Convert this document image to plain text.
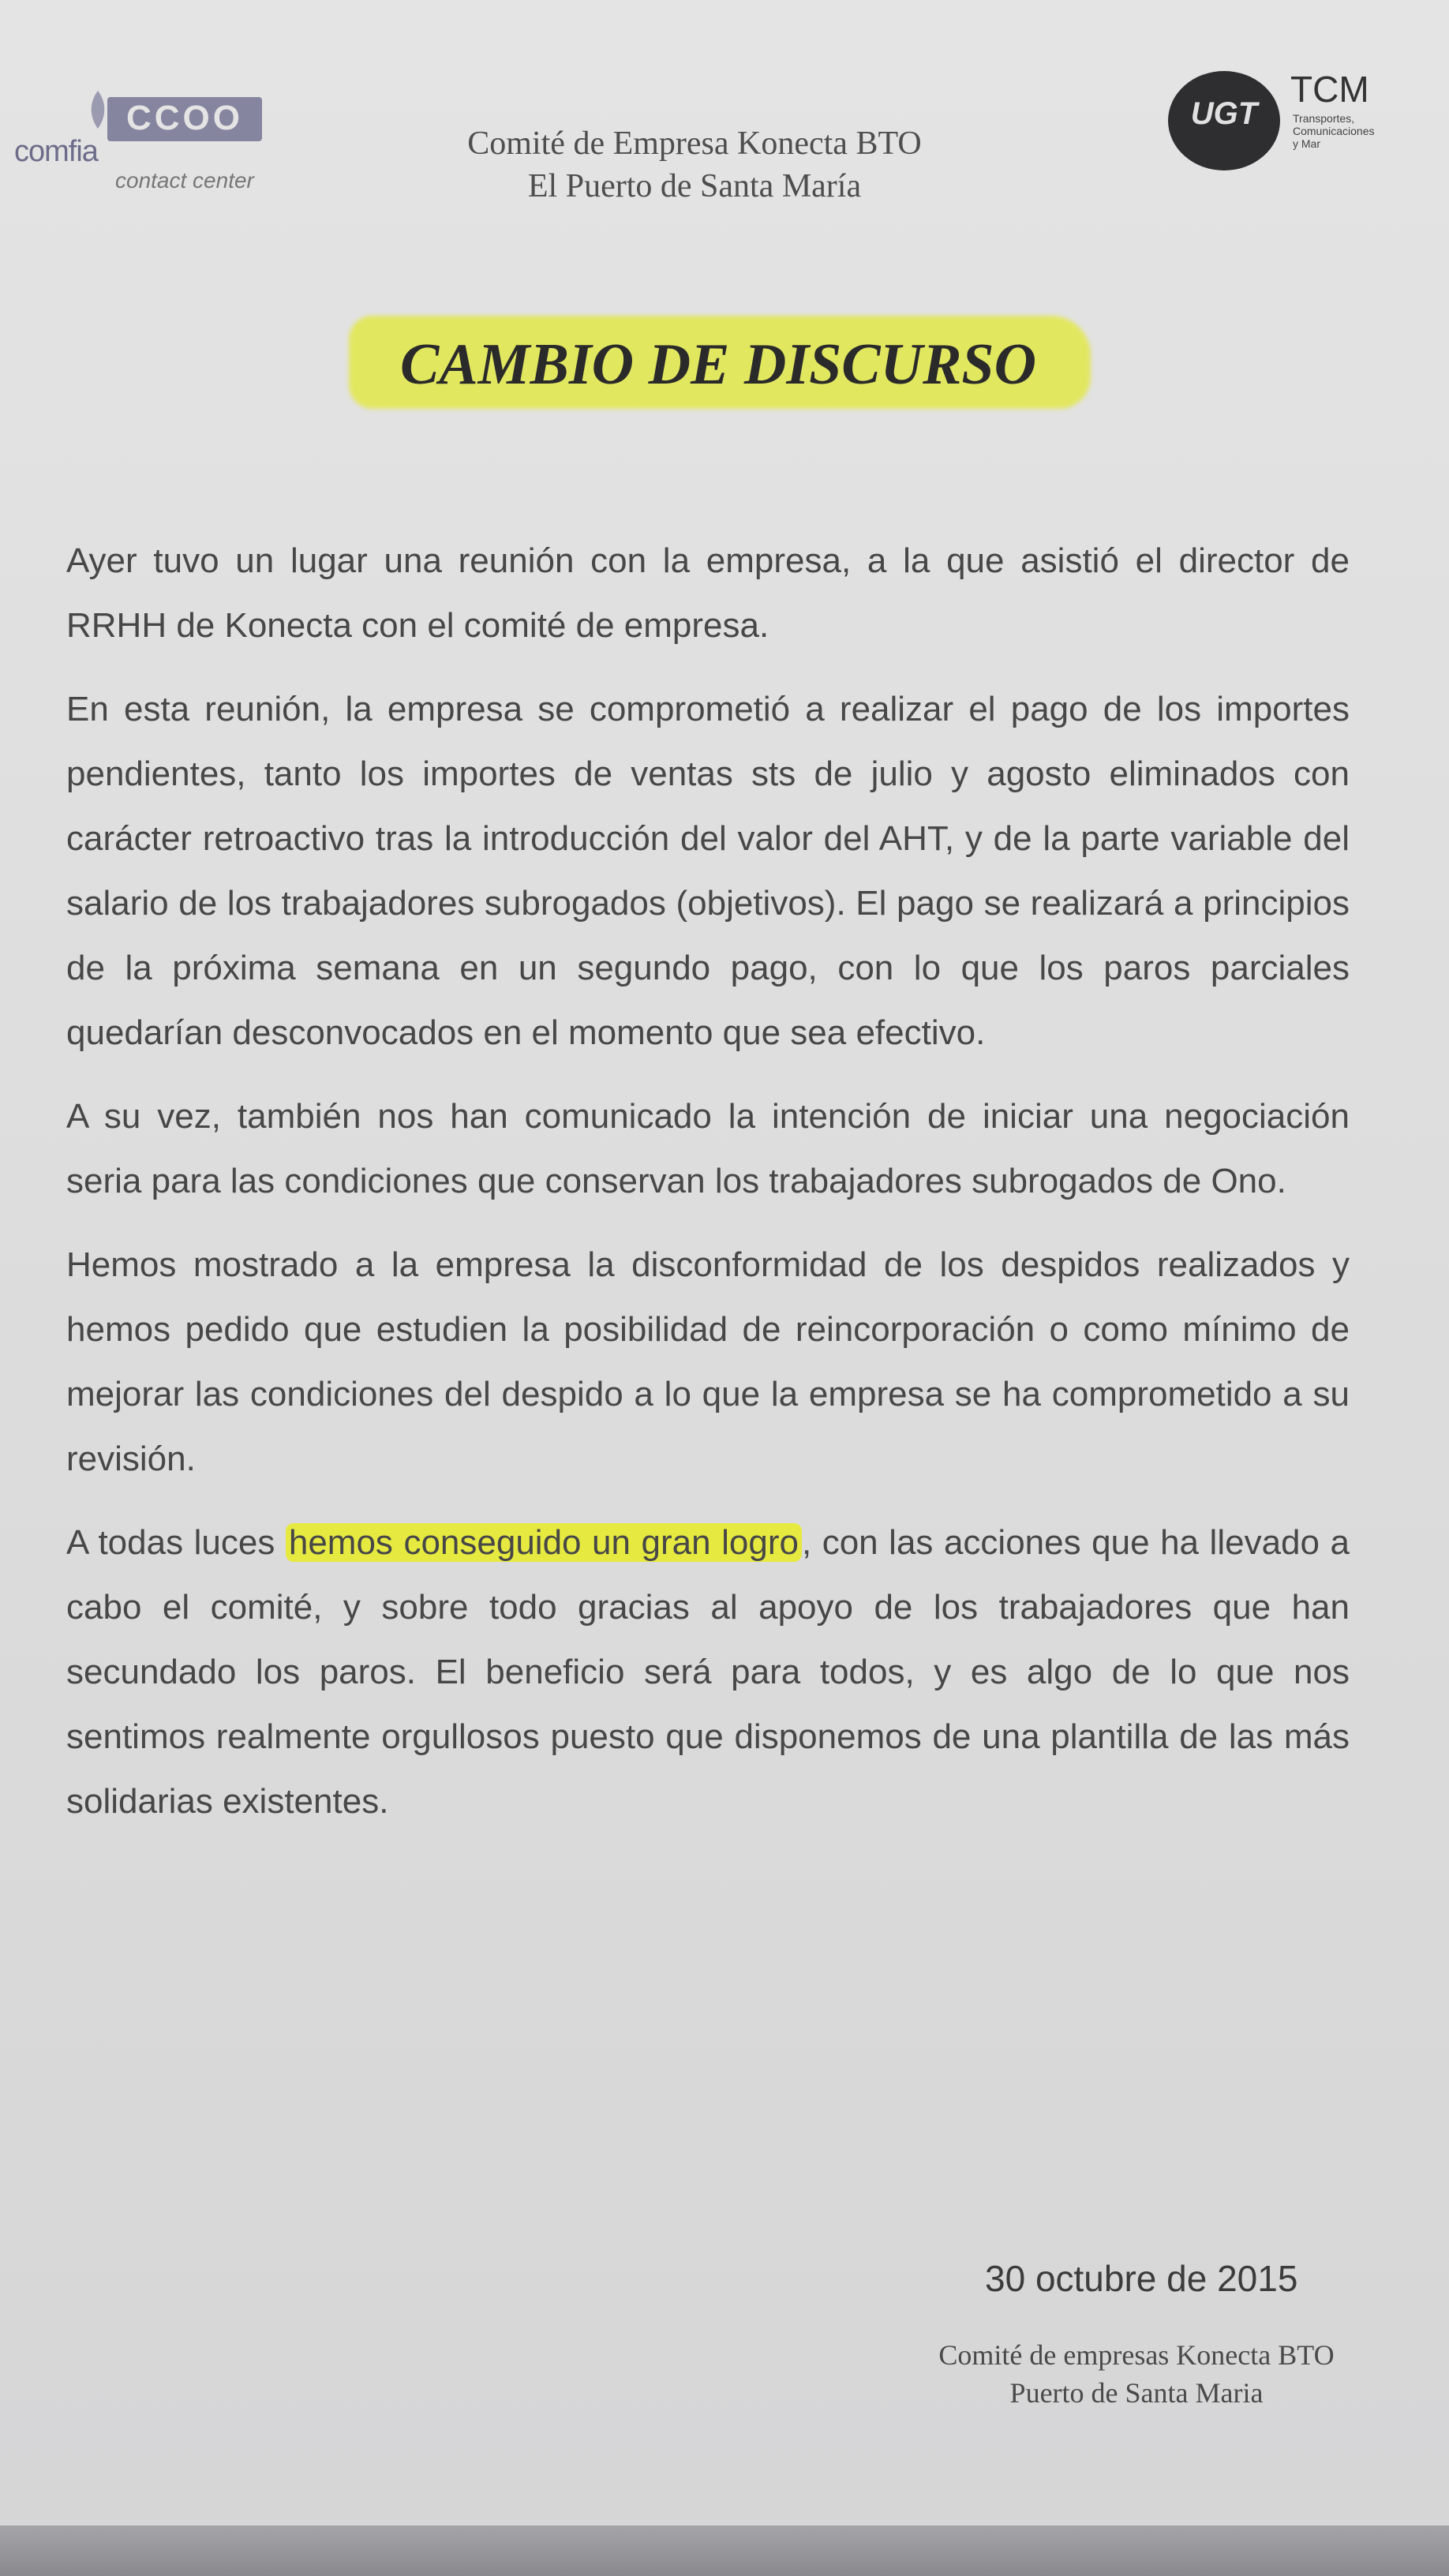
comfia
CCOO
contact center
Comité de Empresa Konecta BTO
El Puerto de Santa María
UGT
TCM
Transportes,
Comunicaciones
y Mar
CAMBIO DE DISCURSO

Ayer tuvo un lugar una reunión con la empresa, a la que asistió el director de RRHH de Konecta con el comité de empresa.

En esta reunión, la empresa se comprometió a realizar el pago de los importes pendientes, tanto los importes de ventas sts de julio y agosto eliminados con carácter retroactivo tras la introducción del valor del AHT, y de la parte variable del salario de los trabajadores subrogados (objetivos). El pago se realizará a principios de la próxima semana en un segundo pago, con lo que los paros parciales quedarían desconvocados en el momento que sea efectivo.

A su vez, también nos han comunicado la intención de iniciar una negociación seria para las condiciones que conservan los trabajadores subrogados de Ono.

Hemos mostrado a la empresa la disconformidad de los despidos realizados y hemos pedido que estudien la posibilidad de reincorporación o como mínimo de mejorar las condiciones del despido a lo que la empresa se ha comprometido a su revisión.

A todas luces hemos conseguido un gran logro, con las acciones que ha llevado a cabo el comité, y sobre todo gracias al apoyo de los trabajadores que han secundado los paros. El beneficio será para todos, y es algo de lo que nos sentimos realmente orgullosos puesto que disponemos de una plantilla de las más solidarias existentes.

30 octubre de 2015
Comité de empresas Konecta BTO
Puerto de Santa Maria
